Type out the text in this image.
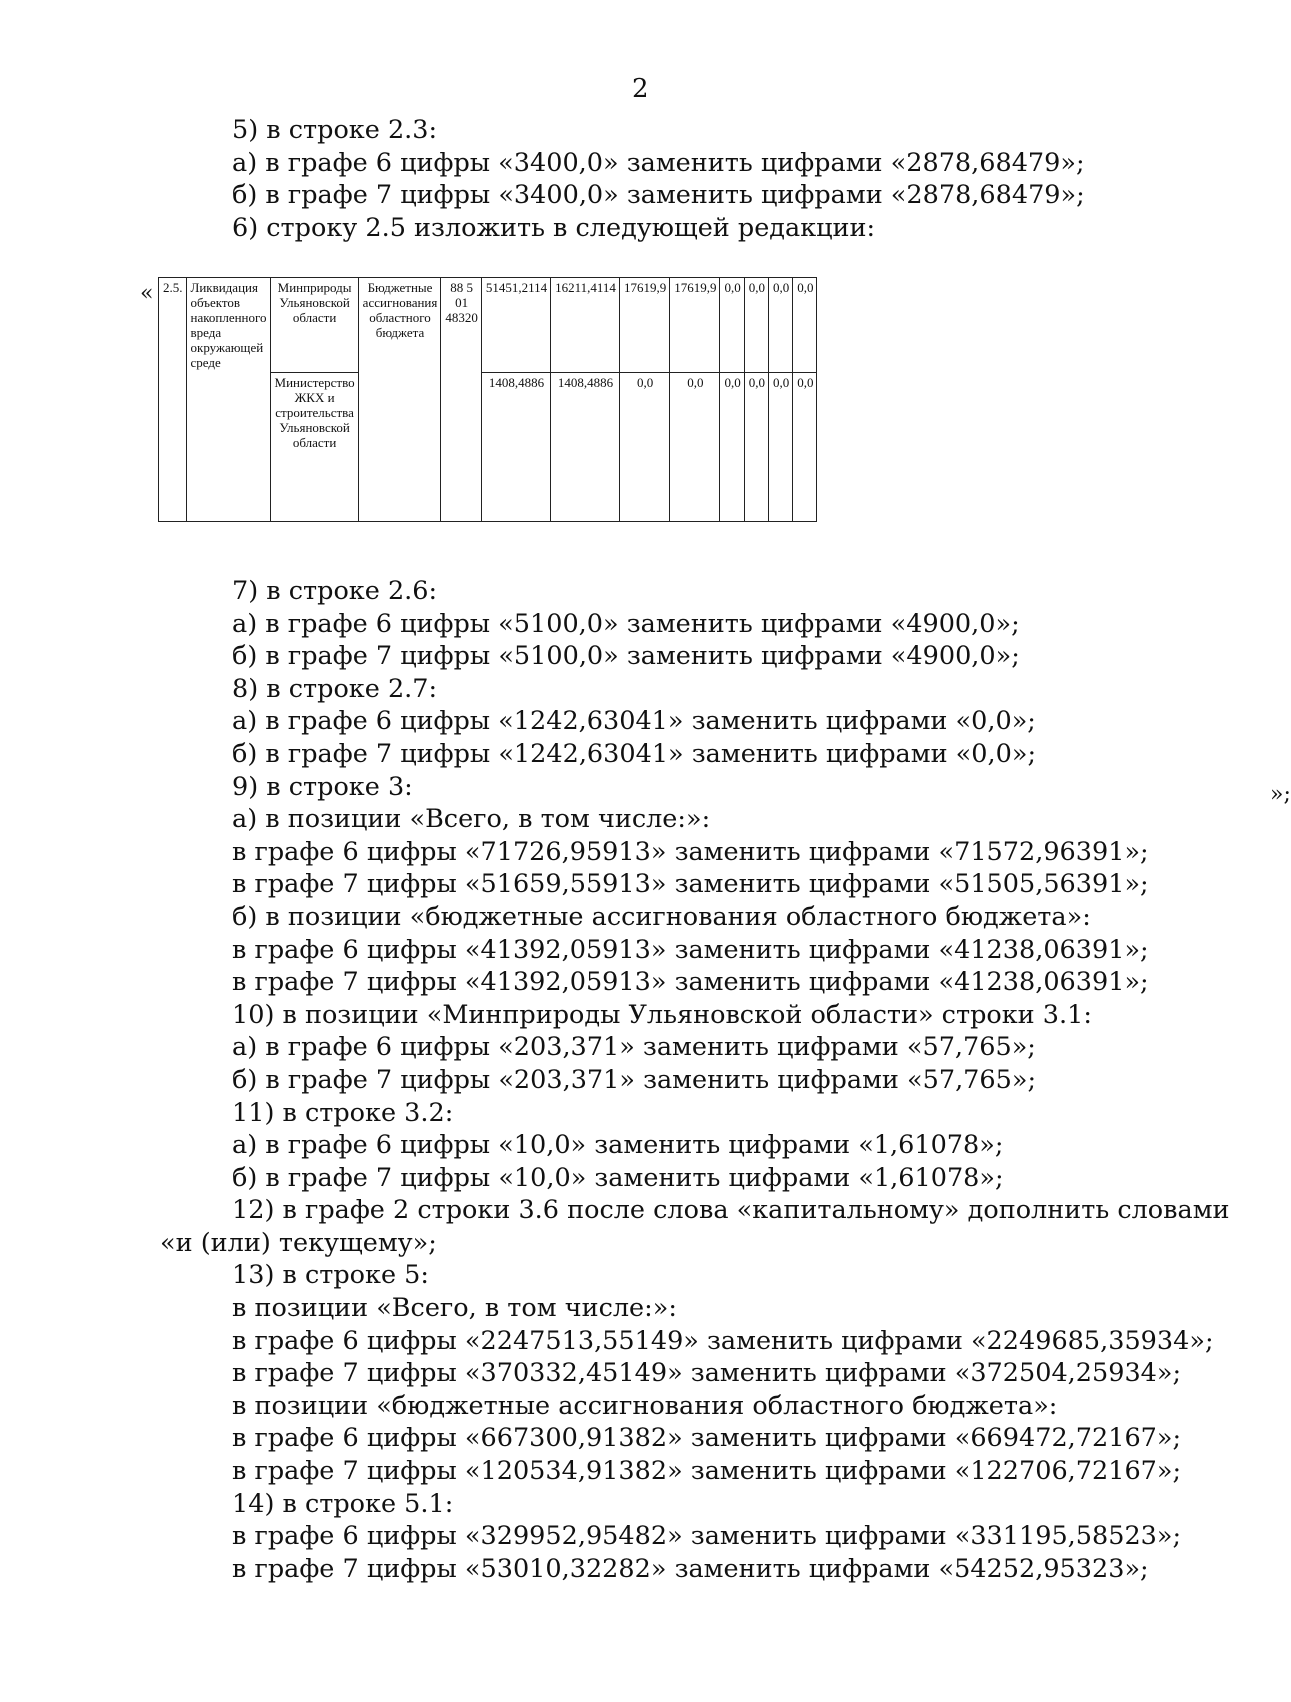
2
5) в строке 2.3:
а) в графе 6 цифры «3400,0» заменить цифрами «2878,68479»;
б) в графе 7 цифры «3400,0» заменить цифрами «2878,68479»;
6) строку 2.5 изложить в следующей редакции:
« 2.5.	Ликвидация объектов накопленного вреда окружающей среде	Минприроды Ульяновской области	Бюджетные ассигнования областного бюджета	88 5 01 48320	51451,2114	16211,4114	17619,9	17619,9	0,0	0,0	0,0	0,0
		Министерство ЖКХ и строительства Ульяновской области			1408,4886	1408,4886	0,0	0,0	0,0	0,0	0,0	0,0
»;
7) в строке 2.6:
а) в графе 6 цифры «5100,0» заменить цифрами «4900,0»;
б) в графе 7 цифры «5100,0» заменить цифрами «4900,0»;
8) в строке 2.7:
а) в графе 6 цифры «1242,63041» заменить цифрами «0,0»;
б) в графе 7 цифры «1242,63041» заменить цифрами «0,0»;
9) в строке 3:
а) в позиции «Всего, в том числе:»:
в графе 6 цифры «71726,95913» заменить цифрами «71572,96391»;
в графе 7 цифры «51659,55913» заменить цифрами «51505,56391»;
б) в позиции «бюджетные ассигнования областного бюджета»:
в графе 6 цифры «41392,05913» заменить цифрами «41238,06391»;
в графе 7 цифры «41392,05913» заменить цифрами «41238,06391»;
10) в позиции «Минприроды Ульяновской области» строки 3.1:
а) в графе 6 цифры «203,371» заменить цифрами «57,765»;
б) в графе 7 цифры «203,371» заменить цифрами «57,765»;
11) в строке 3.2:
а) в графе 6 цифры «10,0» заменить цифрами «1,61078»;
б) в графе 7 цифры «10,0» заменить цифрами «1,61078»;
12) в графе 2 строки 3.6 после слова «капитальному» дополнить словами
«и (или) текущему»;
13) в строке 5:
в позиции «Всего, в том числе:»:
в графе 6 цифры «2247513,55149» заменить цифрами «2249685,35934»;
в графе 7 цифры «370332,45149» заменить цифрами «372504,25934»;
в позиции «бюджетные ассигнования областного бюджета»:
в графе 6 цифры «667300,91382» заменить цифрами «669472,72167»;
в графе 7 цифры «120534,91382» заменить цифрами «122706,72167»;
14) в строке 5.1:
в графе 6 цифры «329952,95482» заменить цифрами «331195,58523»;
в графе 7 цифры «53010,32282» заменить цифрами «54252,95323»;
